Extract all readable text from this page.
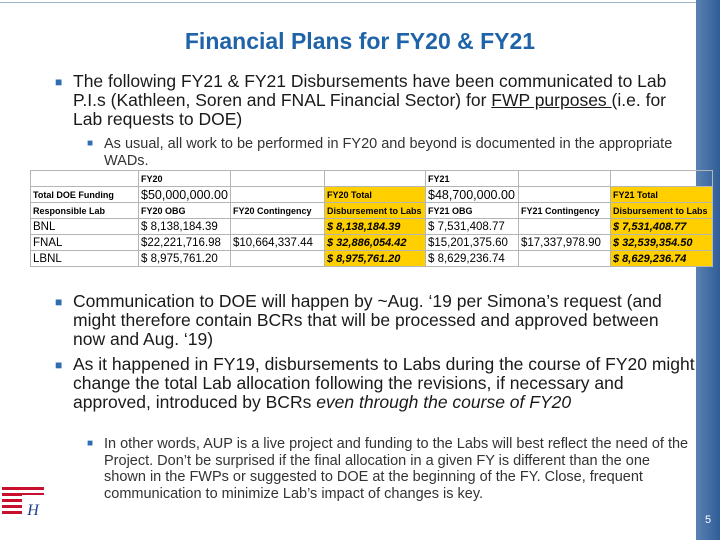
5
Financial Plans for FY20 & FY21
■ The following FY21 & FY21 Disbursements have been communicated to Lab P.I.s (Kathleen, Soren and FNAL Financial Sector) for FWP purposes (i.e. for Lab requests to DOE)
■ As usual, all work to be performed in FY20 and beyond is documented in the appropriate WADs.
	FY20			FY21		
Total DOE Funding	$50,000,000.00		FY20 Total	$48,700,000.00		FY21 Total
Responsible Lab	FY20 OBG	FY20 Contingency	Disbursement to Labs	FY21 OBG	FY21 Contingency	Disbursement to Labs
BNL	$ 8,138,184.39		$ 8,138,184.39	$ 7,531,408.77		$ 7,531,408.77
FNAL	$22,221,716.98	$10,664,337.44	$ 32,886,054.42	$15,201,375.60	$17,337,978.90	$ 32,539,354.50
LBNL	$ 8,975,761.20		$ 8,975,761.20	$ 8,629,236.74		$ 8,629,236.74
■ Communication to DOE will happen by ~Aug. ‘19 per Simona’s request (and might therefore contain BCRs that will be processed and approved between now and Aug. ‘19)
■ As it happened in FY19, disbursements to Labs during the course of FY20 might change the total Lab allocation following the revisions, if necessary and approved, introduced by BCRs even through the course of FY20
■ In other words, AUP is a live project and funding to the Labs will best reflect the need of the Project. Don’t be surprised if the final allocation in a given FY is different than the one shown in the FWPs or suggested to DOE at the beginning of the FY. Close, frequent communication to minimize Lab’s impact of changes is key.
H
